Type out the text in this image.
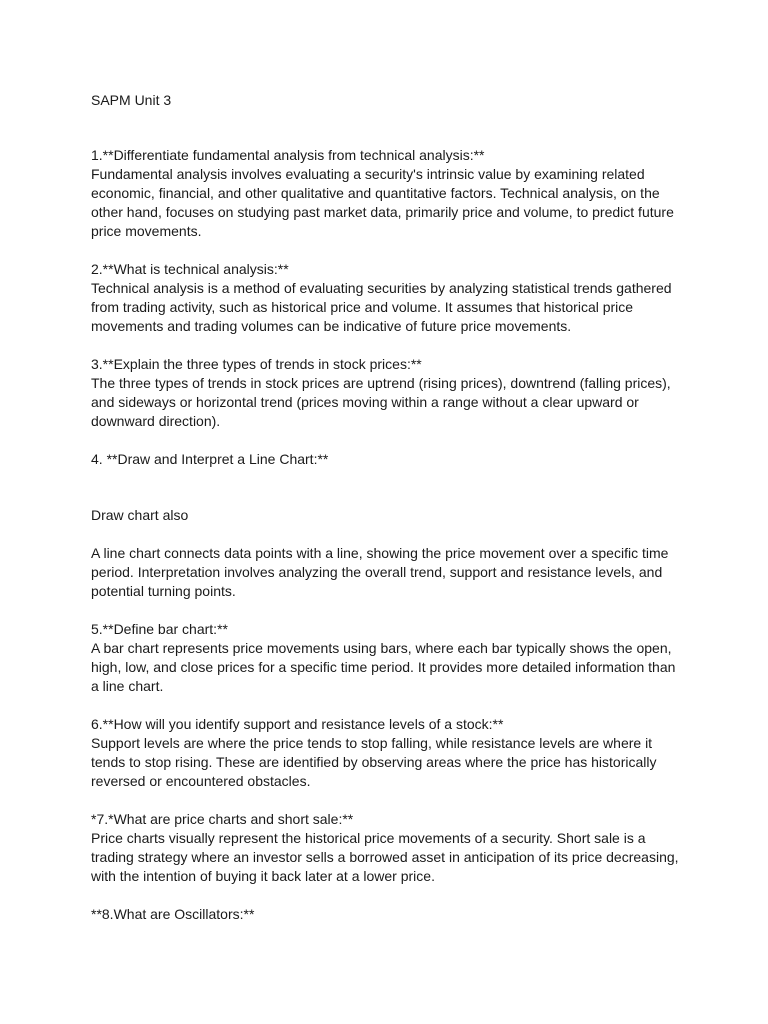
SAPM Unit 3

1.**Differentiate fundamental analysis from technical analysis:**

Fundamental analysis involves evaluating a security's intrinsic value by examining related economic, financial, and other qualitative and quantitative factors. Technical analysis, on the other hand, focuses on studying past market data, primarily price and volume, to predict future price movements.

2.**What is technical analysis:**

Technical analysis is a method of evaluating securities by analyzing statistical trends gathered from trading activity, such as historical price and volume. It assumes that historical price movements and trading volumes can be indicative of future price movements.

3.**Explain the three types of trends in stock prices:**

The three types of trends in stock prices are uptrend (rising prices), downtrend (falling prices), and sideways or horizontal trend (prices moving within a range without a clear upward or downward direction).

4. **Draw and Interpret a Line Chart:**

Draw chart also

A line chart connects data points with a line, showing the price movement over a specific time period. Interpretation involves analyzing the overall trend, support and resistance levels, and potential turning points.

5.**Define bar chart:**

A bar chart represents price movements using bars, where each bar typically shows the open, high, low, and close prices for a specific time period. It provides more detailed information than a line chart.

6.**How will you identify support and resistance levels of a stock:**

Support levels are where the price tends to stop falling, while resistance levels are where it tends to stop rising. These are identified by observing areas where the price has historically reversed or encountered obstacles.

*7.*What are price charts and short sale:**

Price charts visually represent the historical price movements of a security. Short sale is a trading strategy where an investor sells a borrowed asset in anticipation of its price decreasing, with the intention of buying it back later at a lower price.

**8.What are Oscillators:**
